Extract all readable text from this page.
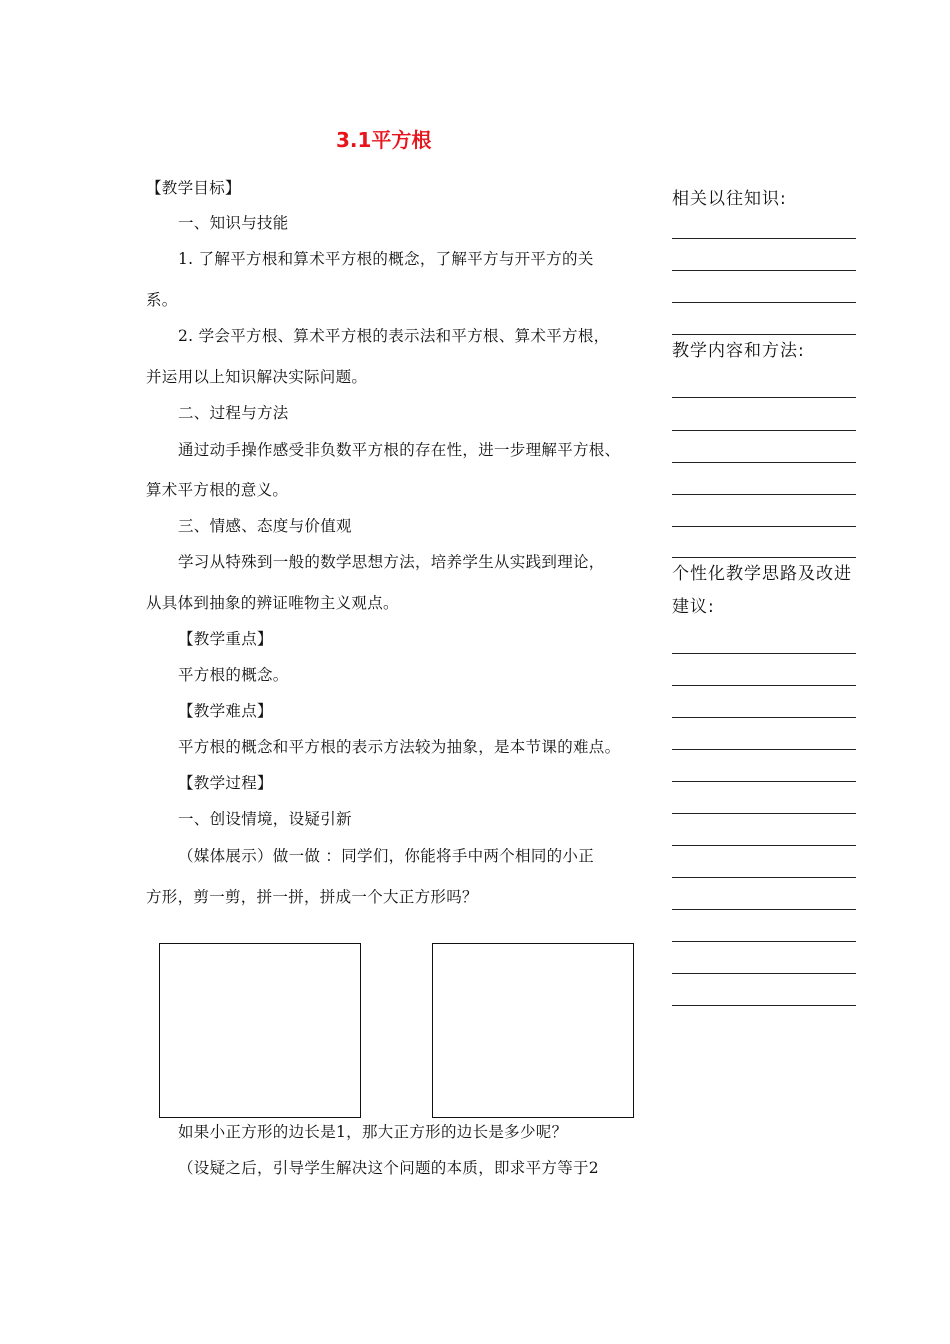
3.1平方根
【教学目标】
一、知识与技能
1. 了解平方根和算术平方根的概念，了解平方与开平方的关
系。
2. 学会平方根、算术平方根的表示法和平方根、算术平方根，
并运用以上知识解决实际问题。
二、过程与方法
通过动手操作感受非负数平方根的存在性，进一步理解平方根、
算术平方根的意义。
三、情感、态度与价值观
学习从特殊到一般的数学思想方法，培养学生从实践到理论，
从具体到抽象的辨证唯物主义观点。
【教学重点】
平方根的概念。
【教学难点】
平方根的概念和平方根的表示方法较为抽象，是本节课的难点。
【教学过程】
一、创设情境，设疑引新
（媒体展示）做一做 ：同学们，你能将手中两个相同的小正
方形，剪一剪，拼一拼，拼成一个大正方形吗？
如果小正方形的边长是1，那大正方形的边长是多少呢？
（设疑之后，引导学生解决这个问题的本质，即求平方等于2
相关以往知识:
教学内容和方法:
个性化教学思路及改进
建议:
